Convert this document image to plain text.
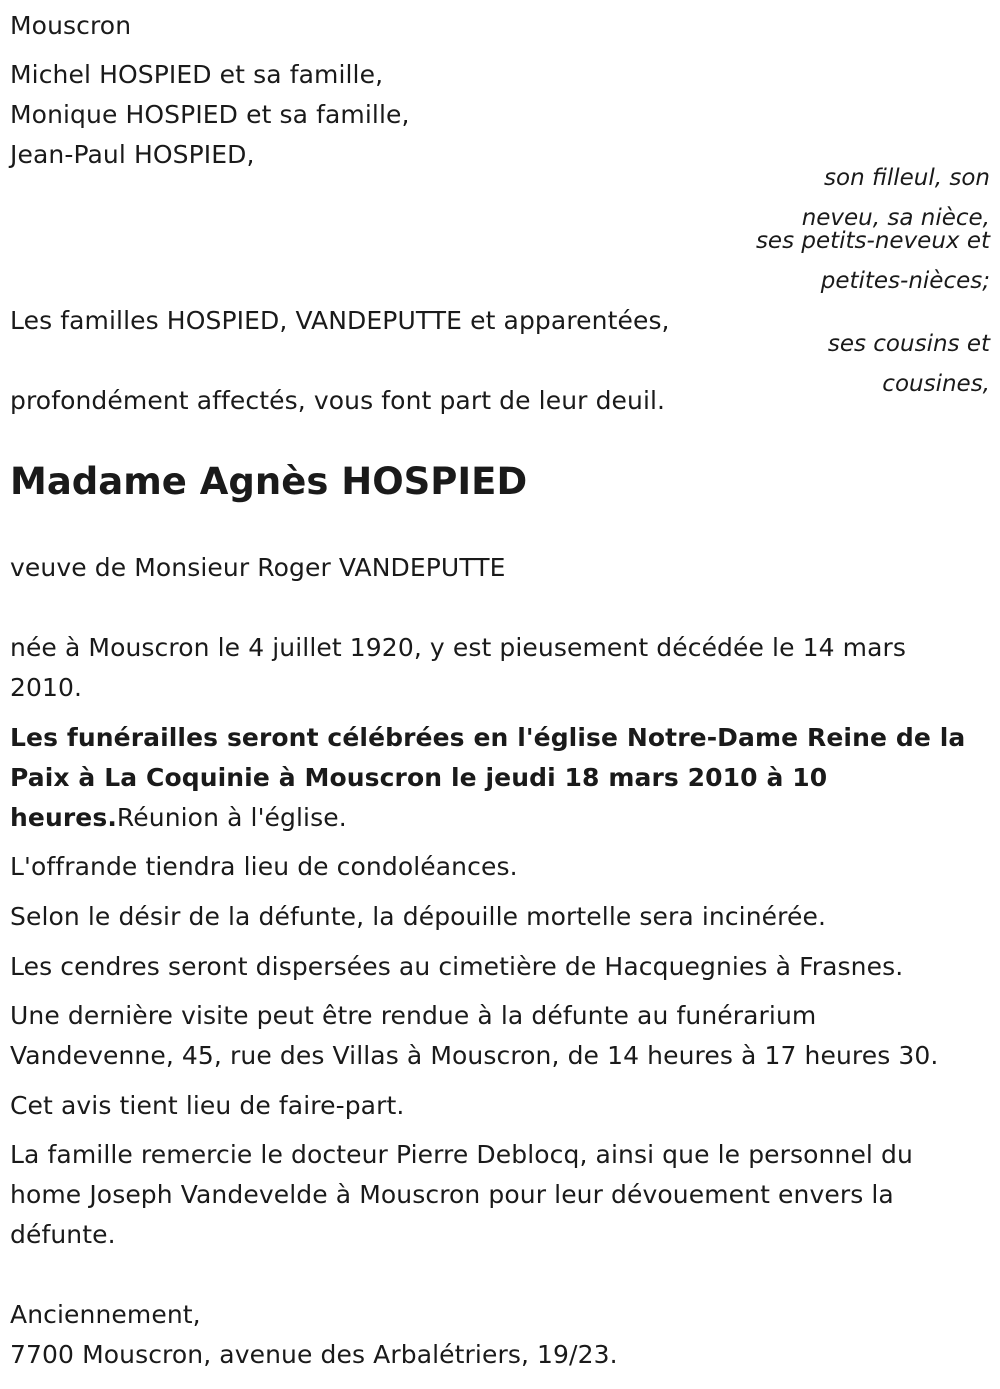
Mouscron
Michel HOSPIED et sa famille,
Monique HOSPIED et sa famille,
Jean-Paul HOSPIED,
son filleul, son
neveu, sa nièce,
ses petits-neveux et
petites-nièces;
Les familles HOSPIED, VANDEPUTTE et apparentées,
ses cousins et
cousines,
profondément affectés, vous font part de leur deuil.
Madame Agnès HOSPIED
veuve de Monsieur Roger VANDEPUTTE
née à Mouscron le 4 juillet 1920, y est pieusement décédée le 14 mars
2010.
Les funérailles seront célébrées en l'église Notre-Dame Reine de la
Paix à La Coquinie à Mouscron le jeudi 18 mars 2010 à 10
heures.Réunion à l'église.
L'offrande tiendra lieu de condoléances.
Selon le désir de la défunte, la dépouille mortelle sera incinérée.
Les cendres seront dispersées au cimetière de Hacquegnies à Frasnes.
Une dernière visite peut être rendue à la défunte au funérarium
Vandevenne, 45, rue des Villas à Mouscron, de 14 heures à 17 heures 30.
Cet avis tient lieu de faire-part.
La famille remercie le docteur Pierre Deblocq, ainsi que le personnel du
home Joseph Vandevelde à Mouscron pour leur dévouement envers la
défunte.
Anciennement,
7700 Mouscron, avenue des Arbalétriers, 19/23.
